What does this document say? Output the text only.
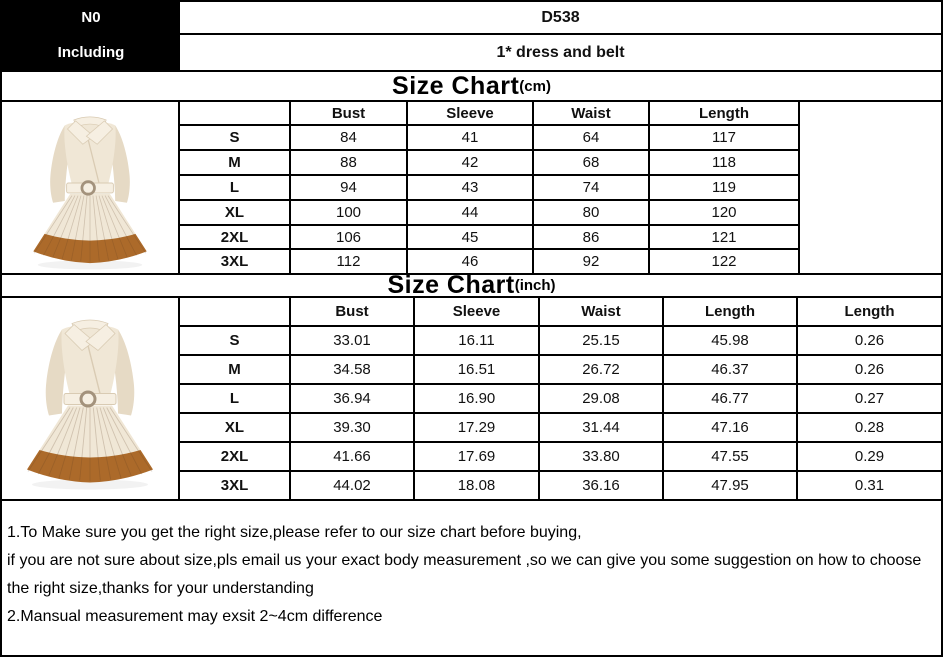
N0	D538
Including	1* dress and belt
Size Chart (cm)
	Bust	Sleeve	Waist	Length
S	84	41	64	117
M	88	42	68	118
L	94	43	74	119
XL	100	44	80	120
2XL	106	45	86	121
3XL	112	46	92	122
Size Chart (inch)
	Bust	Sleeve	Waist	Length	Length
S	33.01	16.11	25.15	45.98	0.26
M	34.58	16.51	26.72	46.37	0.26
L	36.94	16.90	29.08	46.77	0.27
XL	39.30	17.29	31.44	47.16	0.28
2XL	41.66	17.69	33.80	47.55	0.29
3XL	44.02	18.08	36.16	47.95	0.31
1.To Make sure you get the right size,please refer to our size chart before buying,
if you are not sure about size,pls email us your exact body measurement ,so we can give you some suggestion on how to choose
the right size,thanks for your understanding
2.Mansual measurement may exsit 2~4cm difference
